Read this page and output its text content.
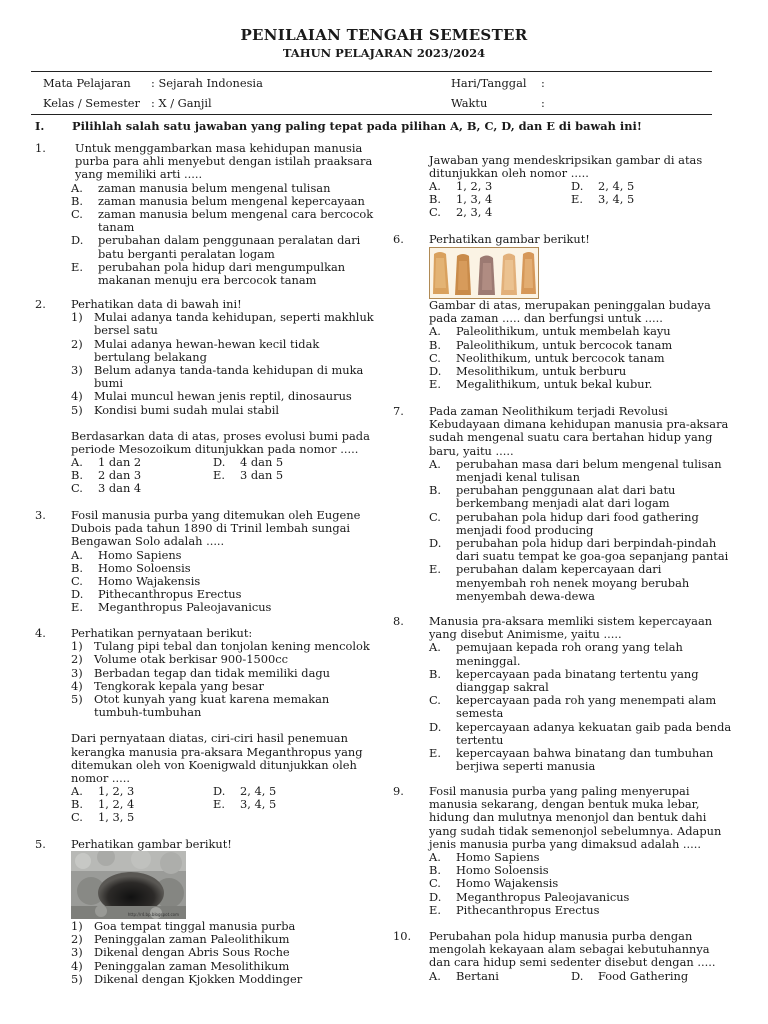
PENILAIAN TENGAH SEMESTER
TAHUN PELAJARAN 2023/2024
Mata Pelajaran : Sejarah Indonesia	Hari/Tanggal :
Kelas / Semester : X / Ganjil	Waktu	:
I. Pilihlah salah satu jawaban yang paling tepat pada pilihan A, B, C, D, dan E di bawah ini!
1.	Untuk menggambarkan masa kehidupan manusia purba para ahli menyebut dengan istilah praaksara yang memiliki arti .....
A. zaman manusia belum mengenal tulisan
B. zaman manusia belum mengenal kepercayaan
C. zaman manusia belum mengenal cara bercocok tanam
D. perubahan dalam penggunaan peralatan dari batu berganti peralatan logam
E. perubahan pola hidup dari mengumpulkan makanan menuju era bercocok tanam
2. Perhatikan data di bawah ini!
1) Mulai adanya tanda kehidupan, seperti makhluk bersel satu
2) Mulai adanya hewan-hewan kecil tidak bertulang belakang
3) Belum adanya tanda-tanda kehidupan di muka bumi
4) Mulai muncul hewan jenis reptil, dinosaurus
5) Kondisi bumi sudah mulai stabil
Berdasarkan data di atas, proses evolusi bumi pada periode Mesozoikum ditunjukkan pada nomor .....
A. 1 dan 2
B. 2 dan 3
C. 3 dan 4
D. 4 dan 5
E. 3 dan 5
3. Fosil manusia purba yang ditemukan oleh Eugene Dubois pada tahun 1890 di Trinil lembah sungai Bengawan Solo adalah .....
A. Homo Sapiens
B. Homo Soloensis
C. Homo Wajakensis
D. Pithecanthropus Erectus
E. Meganthropus Paleojavanicus
4. Perhatikan pernyataan berikut:
1) Tulang pipi tebal dan tonjolan kening mencolok
2) Volume otak berkisar 900-1500cc
3) Berbadan tegap dan tidak memiliki dagu
4) Tengkorak kepala yang besar
5) Otot kunyah yang kuat karena memakan tumbuh-tumbuhan
Dari pernyataan diatas, ciri-ciri hasil penemuan kerangka manusia pra-aksara Meganthropus yang ditemukan oleh von Koenigwald ditunjukkan oleh nomor .....
A. 1, 2, 3
B. 1, 2, 4
C. 1, 3, 5
D. 2, 4, 5
E. 3, 4, 5
5. Perhatikan gambar berikut!
http://r4.bp.blogspot.com
1) Goa tempat tinggal manusia purba
2) Peninggalan zaman Paleolithikum
3) Dikenal dengan Abris Sous Roche
4) Peninggalan zaman Mesolithikum
5) Dikenal dengan Kjokken Moddinger
Jawaban yang mendeskripsikan gambar di atas ditunjukkan oleh nomor .....
A. 1, 2, 3
B. 1, 3, 4
C. 2, 3, 4
D. 2, 4, 5
E. 3, 4, 5
6. Perhatikan gambar berikut!
Gambar di atas, merupakan peninggalan budaya pada zaman ..... dan berfungsi untuk .....
A. Paleolithikum, untuk membelah kayu
B. Paleolithikum, untuk bercocok tanam
C. Neolithikum, untuk bercocok tanam
D. Mesolithikum, untuk berburu
E. Megalithikum, untuk bekal kubur.
7. Pada zaman Neolithikum terjadi Revolusi Kebudayaan dimana kehidupan manusia pra-aksara sudah mengenal suatu cara bertahan hidup yang baru, yaitu .....
A. perubahan masa dari belum mengenal tulisan menjadi kenal tulisan
B. perubahan penggunaan alat dari batu berkembang menjadi alat dari logam
C. perubahan pola hidup dari food gathering menjadi food producing
D. perubahan pola hidup dari berpindah-pindah dari suatu tempat ke goa-goa sepanjang pantai
E. perubahan dalam kepercayaan dari menyembah roh nenek moyang berubah menyembah dewa-dewa
8. Manusia pra-aksara memliki sistem kepercayaan yang disebut Animisme, yaitu .....
A. pemujaan kepada roh orang yang telah meninggal.
B. kepercayaan pada binatang tertentu yang dianggap sakral
C. kepercayaan pada roh yang menempati alam semesta
D. kepercayaan adanya kekuatan gaib pada benda tertentu
E. kepercayaan bahwa binatang dan tumbuhan berjiwa seperti manusia
9. Fosil manusia purba yang paling menyerupai manusia sekarang, dengan bentuk muka lebar, hidung dan mulutnya menonjol dan bentuk dahi yang sudah tidak semenonjol sebelumnya. Adapun jenis manusia purba yang dimaksud adalah .....
A. Homo Sapiens
B. Homo Soloensis
C. Homo Wajakensis
D. Meganthropus Paleojavanicus
E. Pithecanthropus Erectus
10. Perubahan pola hidup manusia purba dengan mengolah kekayaan alam sebagai kebutuhannya dan cara hidup semi sedenter disebut dengan .....
A. Bertani	D. Food Gathering
